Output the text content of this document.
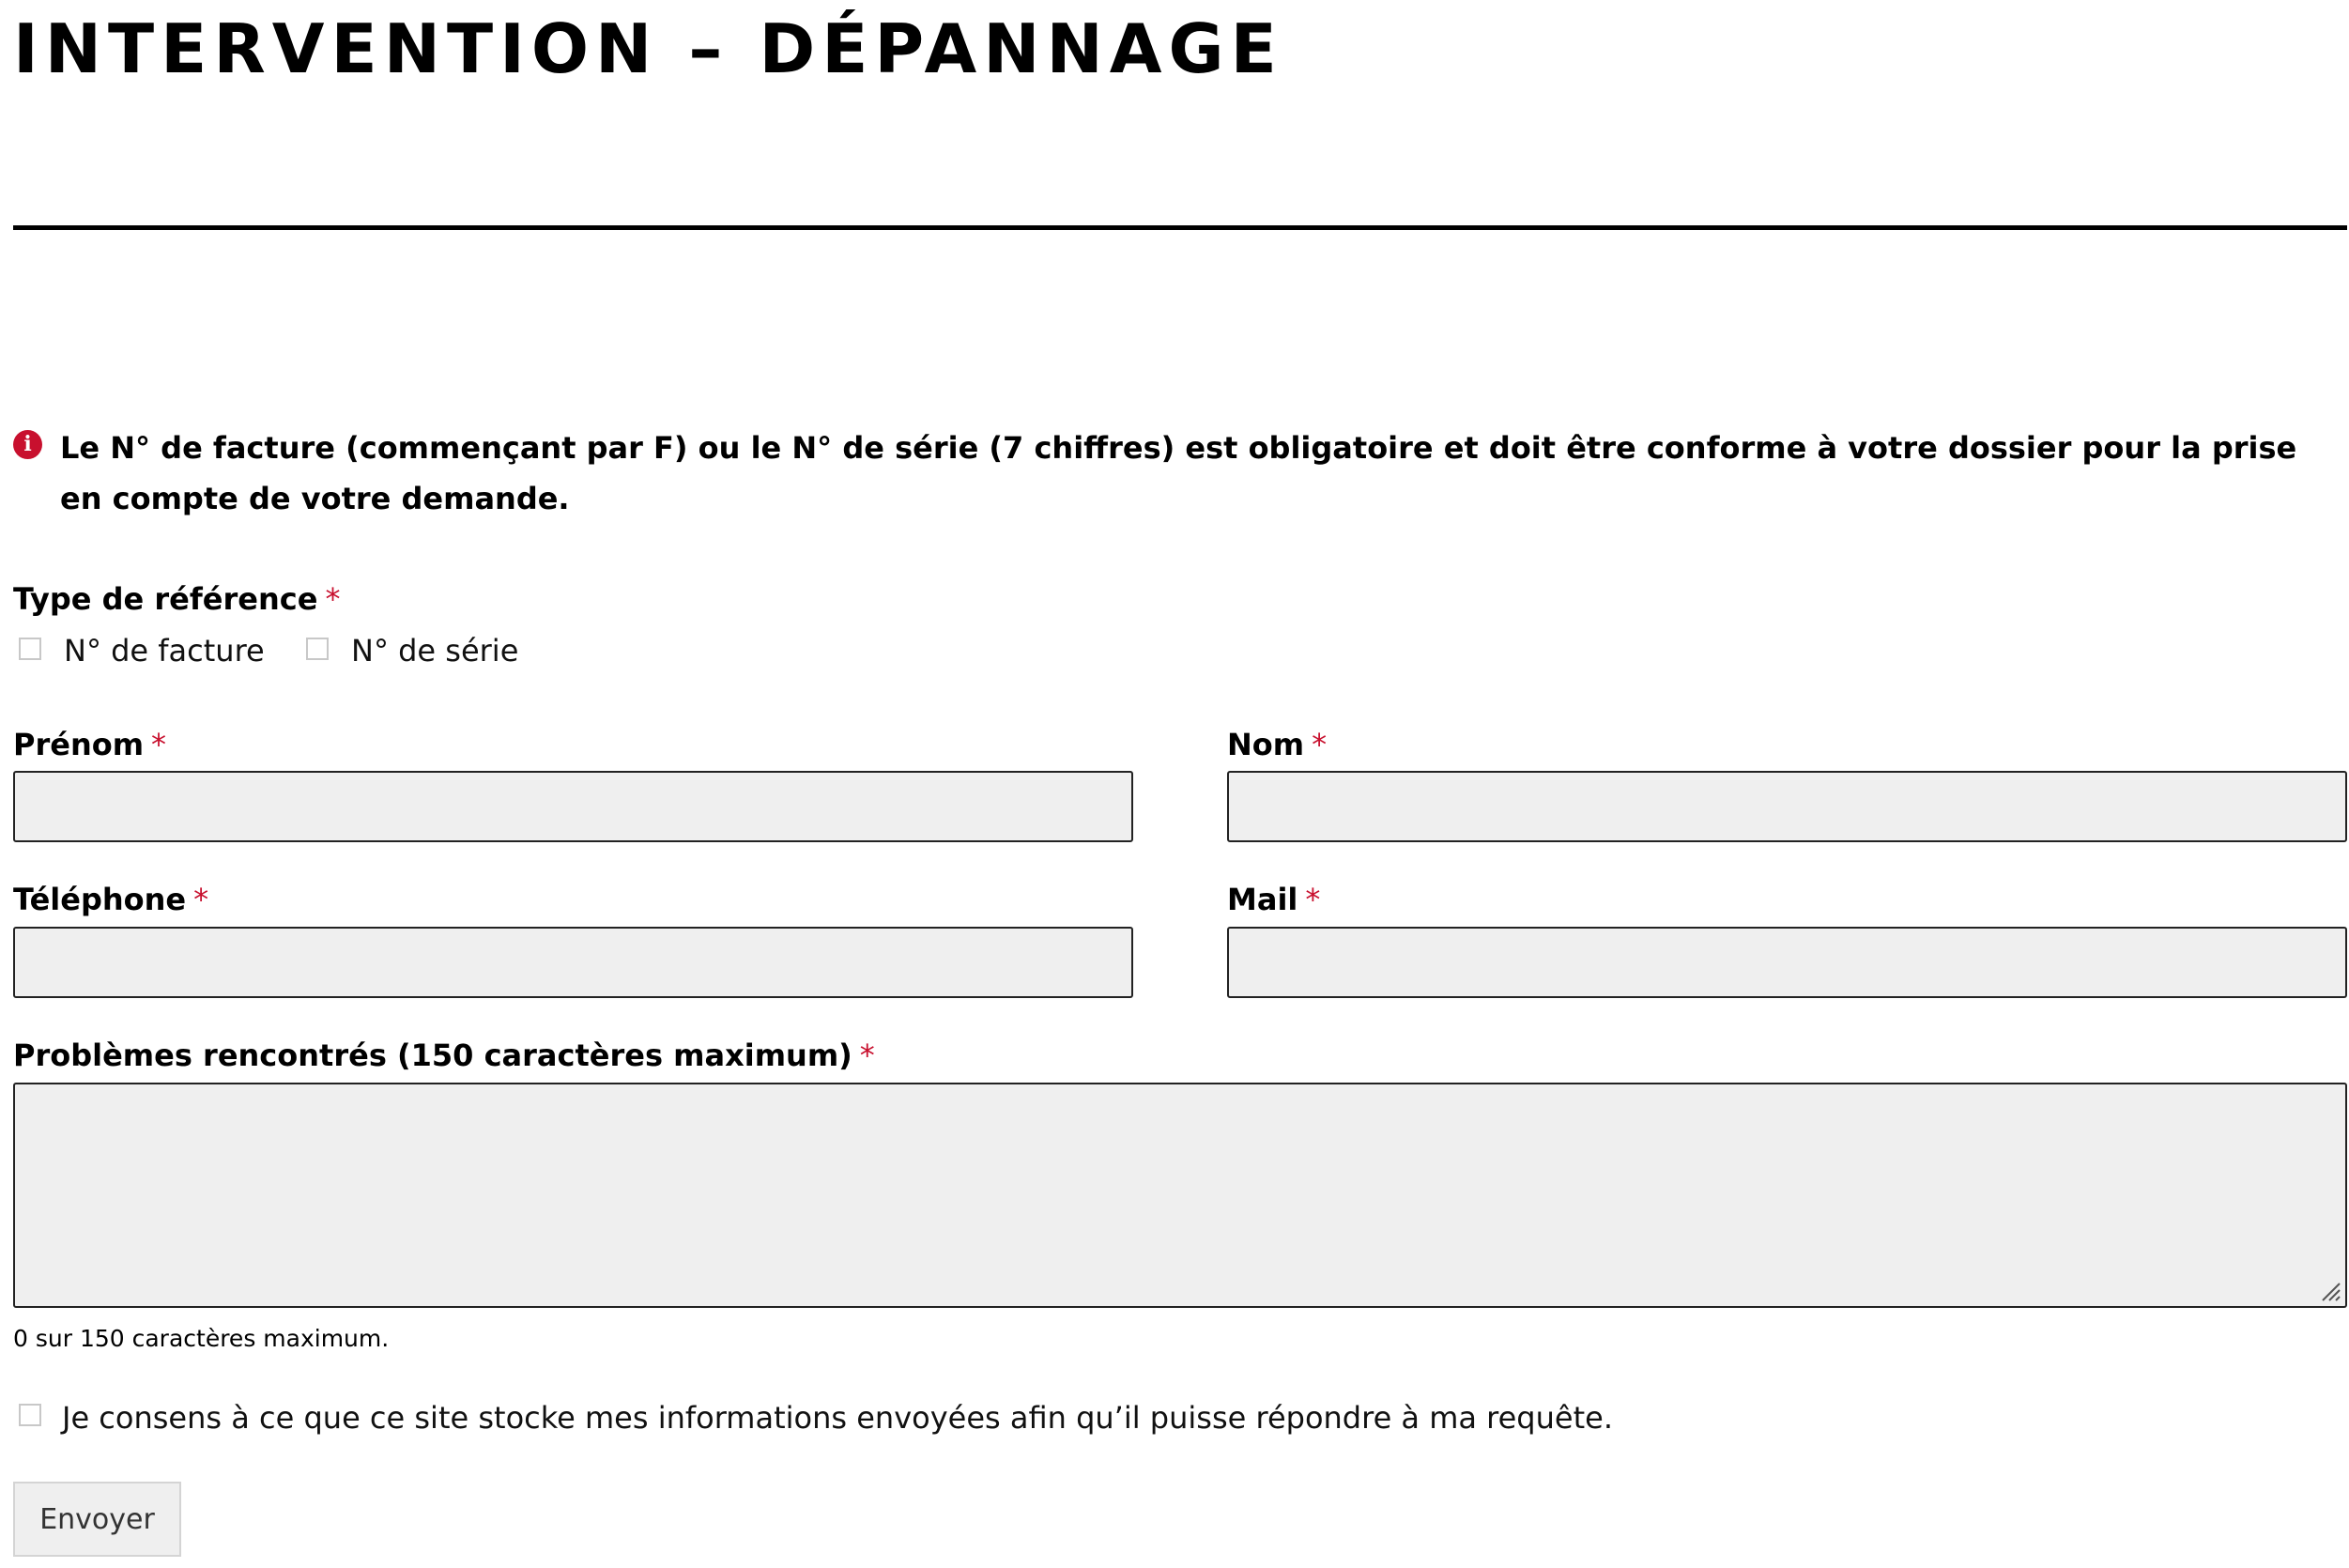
INTERVENTION – DÉPANNAGE
i Le N° de facture (commençant par F) ou le N° de série (7 chiffres) est obligatoire et doit être conforme à votre dossier pour la prise en compte de votre demande.
Type de référence *
N° de facture	N° de série
Prénom *	Nom *
Téléphone *	Mail *
Problèmes rencontrés (150 caractères maximum) *
0 sur 150 caractères maximum.
Je consens à ce que ce site stocke mes informations envoyées afin qu’il puisse répondre à ma requête.
Envoyer
